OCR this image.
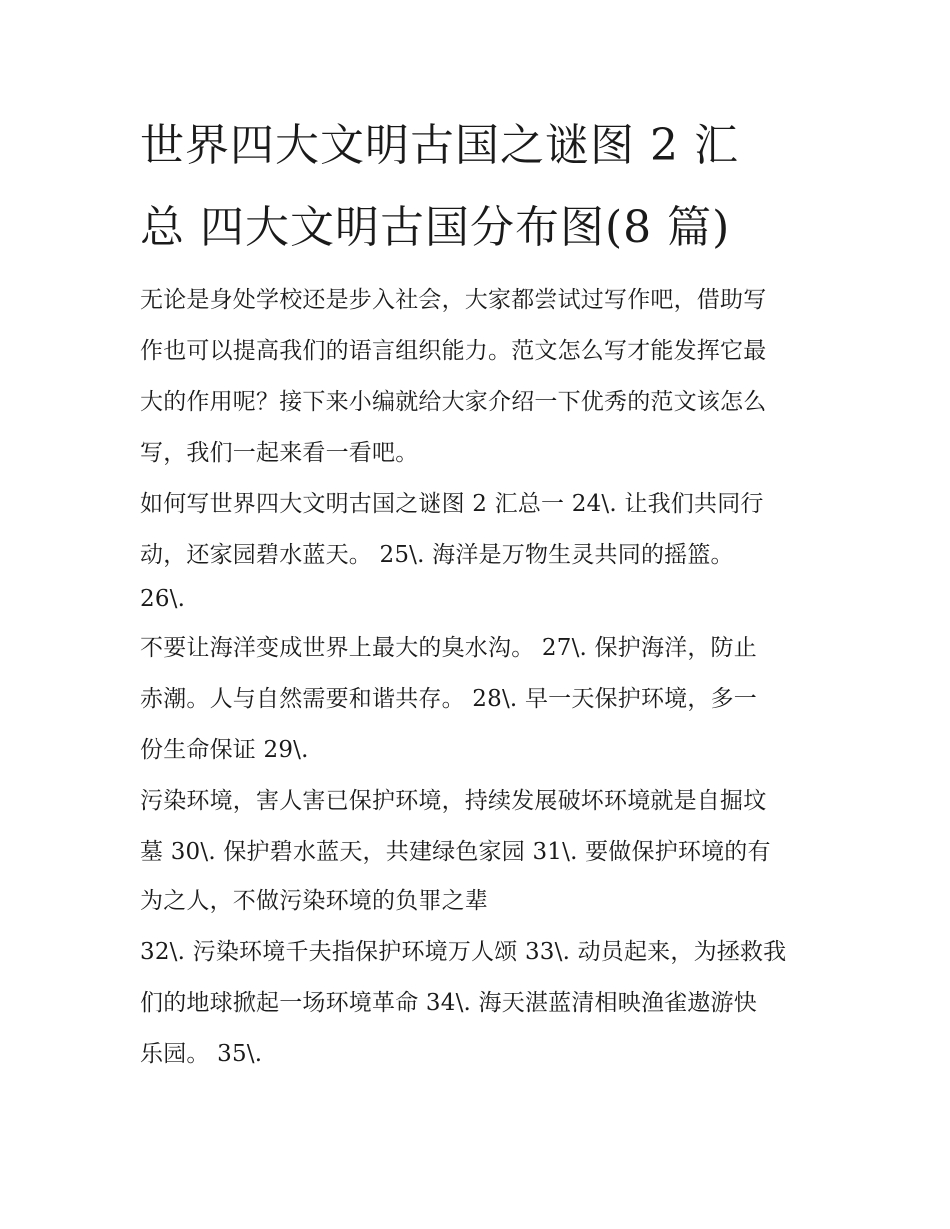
世界四大文明古国之谜图 2 汇
总 四大文明古国分布图(8 篇)
无论是身处学校还是步入社会，大家都尝试过写作吧，借助写
作也可以提高我们的语言组织能力。范文怎么写才能发挥它最
大的作用呢？接下来小编就给大家介绍一下优秀的范文该怎么
写，我们一起来看一看吧。
如何写世界四大文明古国之谜图 2 汇总一 24\. 让我们共同行
动，还家园碧水蓝天。 25\. 海洋是万物生灵共同的摇篮。
26\.
不要让海洋变成世界上最大的臭水沟。 27\. 保护海洋，防止
赤潮。人与自然需要和谐共存。 28\. 早一天保护环境，多一
份生命保证 29\.
污染环境，害人害已保护环境，持续发展破坏环境就是自掘坟
墓 30\. 保护碧水蓝天，共建绿色家园 31\. 要做保护环境的有
为之人，不做污染环境的负罪之辈
32\. 污染环境千夫指保护环境万人颂 33\. 动员起来，为拯救我
们的地球掀起一场环境革命 34\. 海天湛蓝清相映渔雀遨游快
乐园。 35\.
